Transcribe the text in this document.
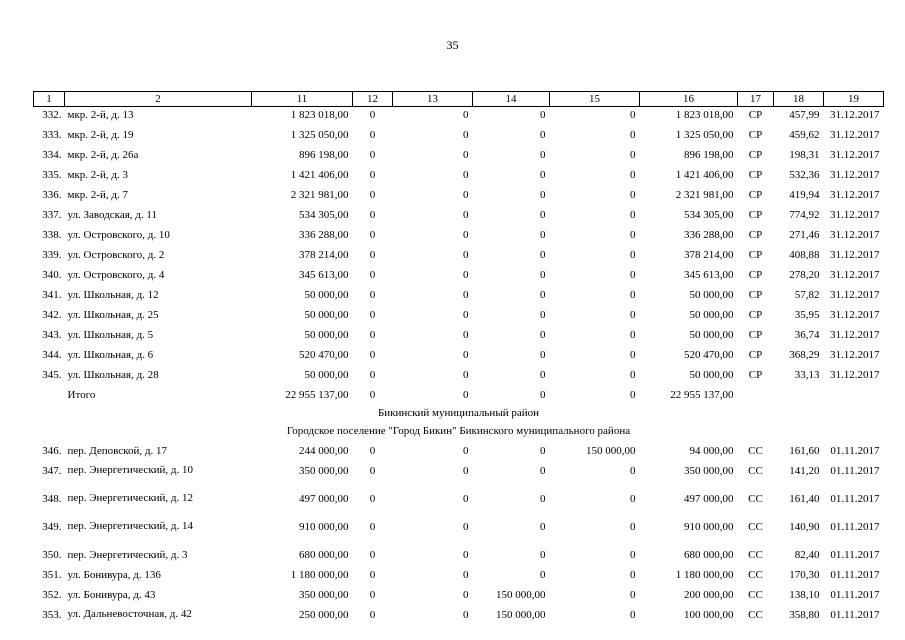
35
1	2	11	12	13	14	15	16	17	18	19
332.	мкр. 2-й, д. 13	1 823 018,00	0	0	0	0	1 823 018,00	СР	457,99	31.12.2017
333.	мкр. 2-й, д. 19	1 325 050,00	0	0	0	0	1 325 050,00	СР	459,62	31.12.2017
334.	мкр. 2-й, д. 26а	896 198,00	0	0	0	0	896 198,00	СР	198,31	31.12.2017
335.	мкр. 2-й, д. 3	1 421 406,00	0	0	0	0	1 421 406,00	СР	532,36	31.12.2017
336.	мкр. 2-й, д. 7	2 321 981,00	0	0	0	0	2 321 981,00	СР	419,94	31.12.2017
337.	ул. Заводская, д. 11	534 305,00	0	0	0	0	534 305,00	СР	774,92	31.12.2017
338.	ул. Островского, д. 10	336 288,00	0	0	0	0	336 288,00	СР	271,46	31.12.2017
339.	ул. Островского, д. 2	378 214,00	0	0	0	0	378 214,00	СР	408,88	31.12.2017
340.	ул. Островского, д. 4	345 613,00	0	0	0	0	345 613,00	СР	278,20	31.12.2017
341.	ул. Школьная, д. 12	50 000,00	0	0	0	0	50 000,00	СР	57,82	31.12.2017
342.	ул. Школьная, д. 25	50 000,00	0	0	0	0	50 000,00	СР	35,95	31.12.2017
343.	ул. Школьная, д. 5	50 000,00	0	0	0	0	50 000,00	СР	36,74	31.12.2017
344.	ул. Школьная, д. 6	520 470,00	0	0	0	0	520 470,00	СР	368,29	31.12.2017
345.	ул. Школьная, д. 28	50 000,00	0	0	0	0	50 000,00	СР	33,13	31.12.2017
	Итого	22 955 137,00	0	0	0	0	22 955 137,00			
Бикинский муниципальный район										
Городское поселение "Город Бикин" Бикинского муниципального района										
346.	пер. Деповской, д. 17	244 000,00	0	0	0	150 000,00	94 000,00	СС	161,60	01.11.2017
347.	пер. Энергетический, д. 10	350 000,00	0	0	0	0	350 000,00	СС	141,20	01.11.2017
348.	пер. Энергетический, д. 12	497 000,00	0	0	0	0	497 000,00	СС	161,40	01.11.2017
349.	пер. Энергетический, д. 14	910 000,00	0	0	0	0	910 000,00	СС	140,90	01.11.2017
350.	пер. Энергетический, д. 3	680 000,00	0	0	0	0	680 000,00	СС	82,40	01.11.2017
351.	ул. Бонивура, д. 136	1 180 000,00	0	0	0	0	1 180 000,00	СС	170,30	01.11.2017
352.	ул. Бонивура, д. 43	350 000,00	0	0	150 000,00	0	200 000,00	СС	138,10	01.11.2017
353.	ул. Дальневосточная, д. 42	250 000,00	0	0	150 000,00	0	100 000,00	СС	358,80	01.11.2017
